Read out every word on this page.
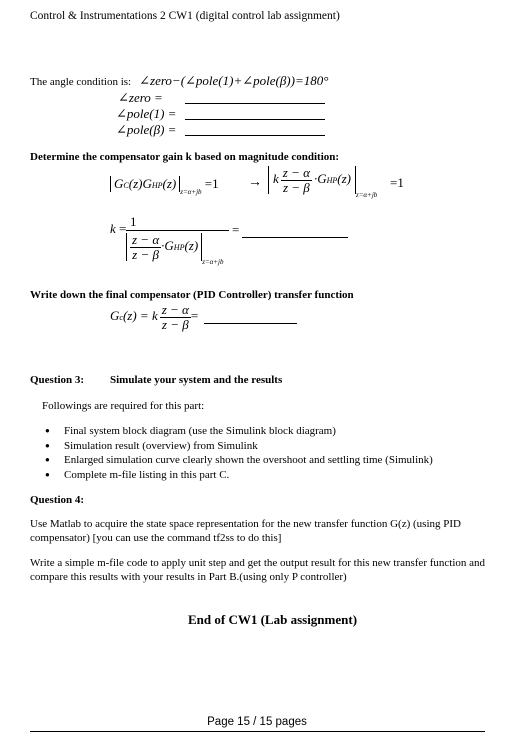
Control & Instrumentations 2 CW1 (digital control lab assignment)
The angle condition is: ∠zero−(∠pole(1)+∠pole(β))=180°
∠zero =
∠pole(1) =
∠pole(β) =
Determine the compensator gain k based on magnitude condition:
$GC(z)GHP(z)_{z=\alpha+jb} =1 \to k \frac{z - \alpha}{z - \beta} \cdot GHP(z)_{z=\alpha+jb}$
=1
k = 1
$\frac{z - \alpha}{z - \beta} \cdot GHP(z)_{z=\alpha+jb}$
=
Write down the final compensator (PID Controller) transfer function
Gc(z) = k $\frac{z - \alpha}{z - \beta}$ =
Question 3: Simulate your system and the results
Followings are required for this part:
● Final system block diagram (use the Simulink block diagram)
● Simulation result (overview) from Simulink
● Enlarged simulation curve clearly shown the overshoot and settling time (Simulink)
● Complete m-file listing in this part C.
Question 4:
Use Matlab to acquire the state space representation for the new transfer function G(z) (using PID compensator) [you can use the command tf2ss to do this]
Write a simple m-file code to apply unit step and get the output result for this new transfer function and compare this results with your results in Part B.(using only P controller)
End of CW1 (Lab assignment)
Page 15 / 15 pages
